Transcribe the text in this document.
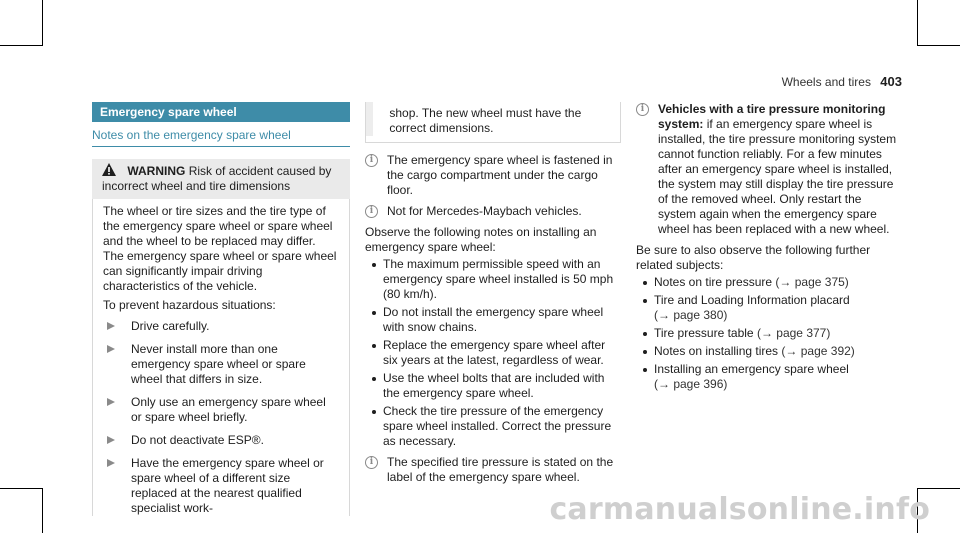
Wheels and tires 403
Emergency spare wheel
Notes on the emergency spare wheel
WARNING Risk of accident caused by incorrect wheel and tire dimensions

The wheel or tire sizes and the tire type of the emergency spare wheel or spare wheel and the wheel to be replaced may differ. The emergency spare wheel or spare wheel can significantly impair driving characteristics of the vehicle.

To prevent hazardous situations:

Drive carefully.
Never install more than one emergency spare wheel or spare wheel that differs in size.
Only use an emergency spare wheel or spare wheel briefly.
Do not deactivate ESP®.
Have the emergency spare wheel or spare wheel of a different size replaced at the nearest qualified specialist work-
shop. The new wheel must have the correct dimensions.
i	The emergency spare wheel is fastened in the cargo compartment under the cargo floor.
i	Not for Mercedes-Maybach vehicles.

Observe the following notes on installing an emergency spare wheel:

The maximum permissible speed with an emergency spare wheel installed is 50 mph (80 km/h).
Do not install the emergency spare wheel with snow chains.
Replace the emergency spare wheel after six years at the latest, regardless of wear.
Use the wheel bolts that are included with the emergency spare wheel.
Check the tire pressure of the emergency spare wheel installed. Correct the pressure as necessary.
i	The specified tire pressure is stated on the label of the emergency spare wheel.
i	Vehicles with a tire pressure monitoring system: if an emergency spare wheel is installed, the tire pressure monitoring system cannot function reliably. For a few minutes after an emergency spare wheel is installed, the system may still display the tire pressure of the removed wheel. Only restart the system again when the emergency spare wheel has been replaced with a new wheel.

Be sure to also observe the following further related subjects:

Notes on tire pressure (→ page 375)
Tire and Loading Information placard
(→ page 380)
Tire pressure table (→ page 377)
Notes on installing tires (→ page 392)
Installing an emergency spare wheel
(→ page 396)
carmanualsonline.info
